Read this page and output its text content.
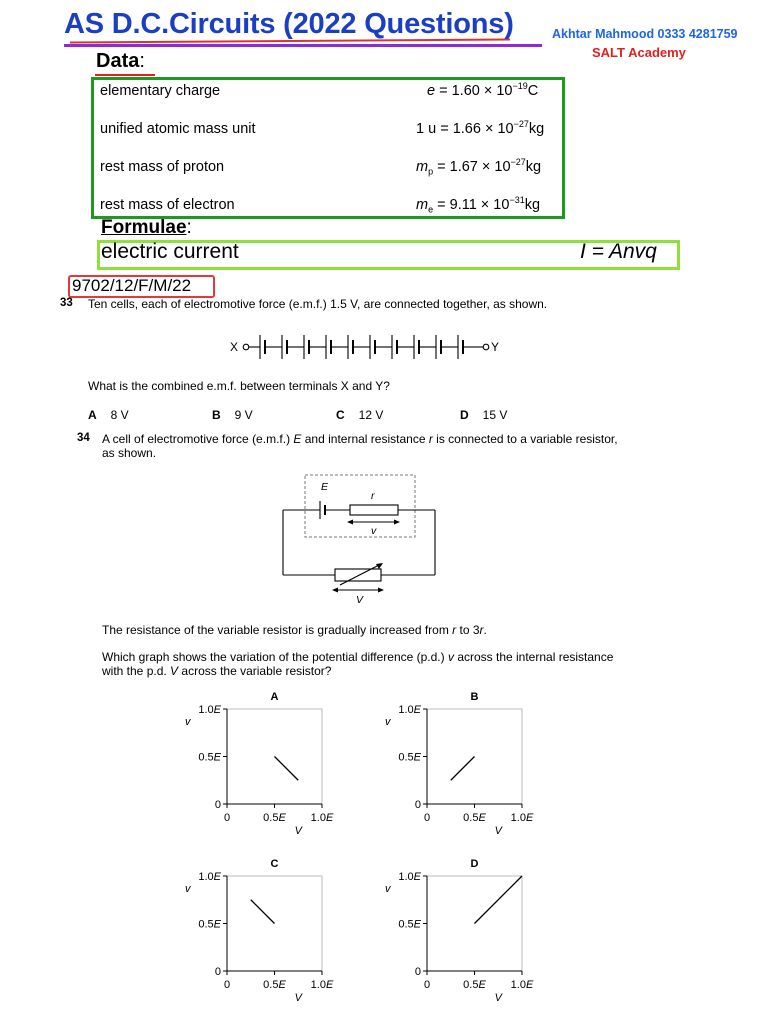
AS D.C.Circuits (2022 Questions)	Akhtar Mahmood 0333 4281759
SALT Academy
Data:
elementary charge	$e = 1.60 \times 10^{-19}C$
unified atomic mass unit	1 $u = 1.66 \times 10^{-27}kg$
rest mass of proton	$m_p = 1.67 \times 10^{-27}kg$
rest mass of electron	$m_e = 9.11 \times 10^{-31}kg$
Formulae:
electric current	I = Anvq
9702/12/F/M/22
33 Ten cells, each of electromotive force (e.m.f.) 1.5 V, are connected together, as shown.
X	Y
What is the combined e.m.f. between terminals X and Y?
A 8 V	B 9 V	C 12 V	D 15 V
34 A cell of electromotive force (e.m.f.) E and internal resistance r is connected to a variable resistor,
as shown.
E
r
v
V
The resistance of the variable resistor is gradually increased from r to 3r.
Which graph shows the variation of the potential difference (p.d.) v across the internal resistance
with the p.d. V across the variable resistor?
0
0
0.5E
0.5E
1.0E
1.0E
A
V
v
0
0
0.5E
0.5E
1.0E
1.0E
B
V
v
0
0
0.5E
0.5E
1.0E
1.0E
C
V
v
0
0
0.5E
0.5E
1.0E
1.0E
D
V
v
